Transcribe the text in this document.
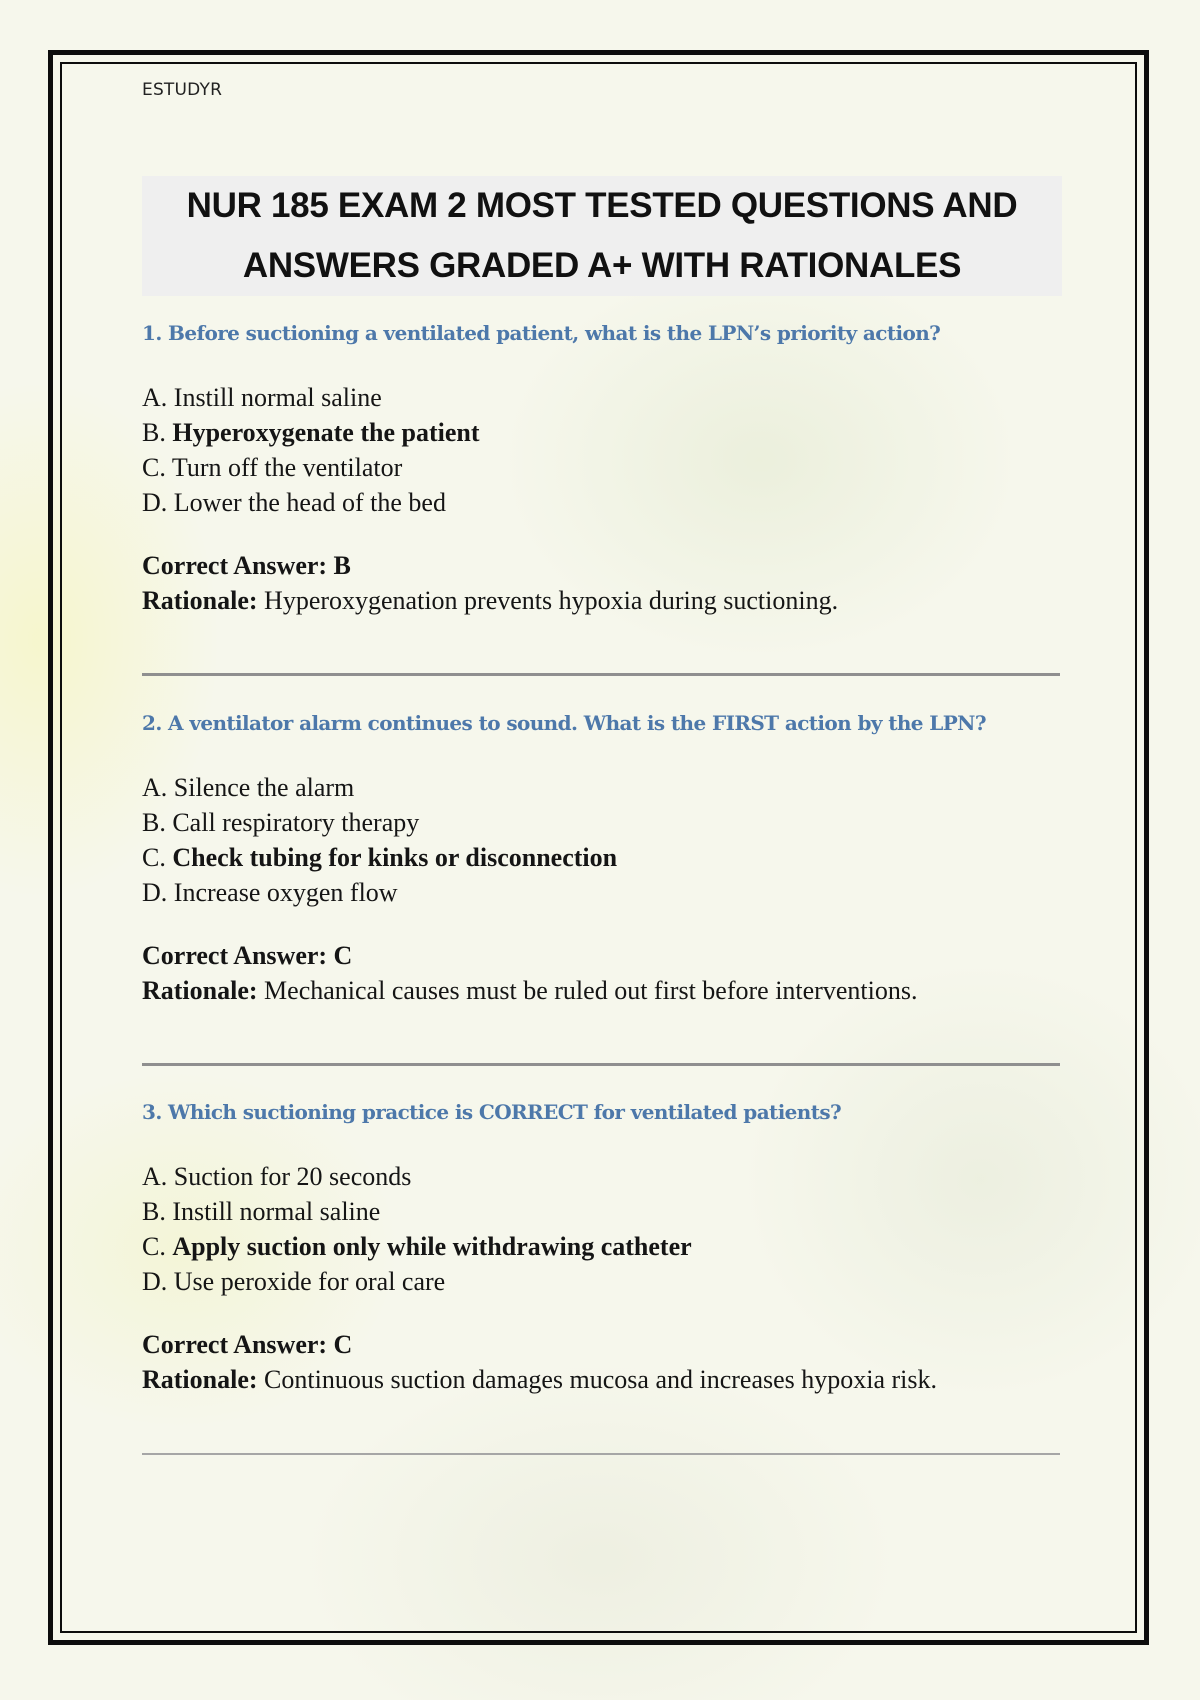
ESTUDYR
NUR 185 EXAM 2 MOST TESTED QUESTIONS AND
ANSWERS GRADED A+ WITH RATIONALES

1. Before suctioning a ventilated patient, what is the LPN’s priority action?

A. Instill normal saline
B. Hyperoxygenate the patient
C. Turn off the ventilator
D. Lower the head of the bed
Correct Answer: B
Rationale: Hyperoxygenation prevents hypoxia during suctioning.

2. A ventilator alarm continues to sound. What is the FIRST action by the LPN?

A. Silence the alarm
B. Call respiratory therapy
C. Check tubing for kinks or disconnection
D. Increase oxygen flow
Correct Answer: C
Rationale: Mechanical causes must be ruled out first before interventions.

3. Which suctioning practice is CORRECT for ventilated patients?

A. Suction for 20 seconds
B. Instill normal saline
C. Apply suction only while withdrawing catheter
D. Use peroxide for oral care
Correct Answer: C
Rationale: Continuous suction damages mucosa and increases hypoxia risk.
